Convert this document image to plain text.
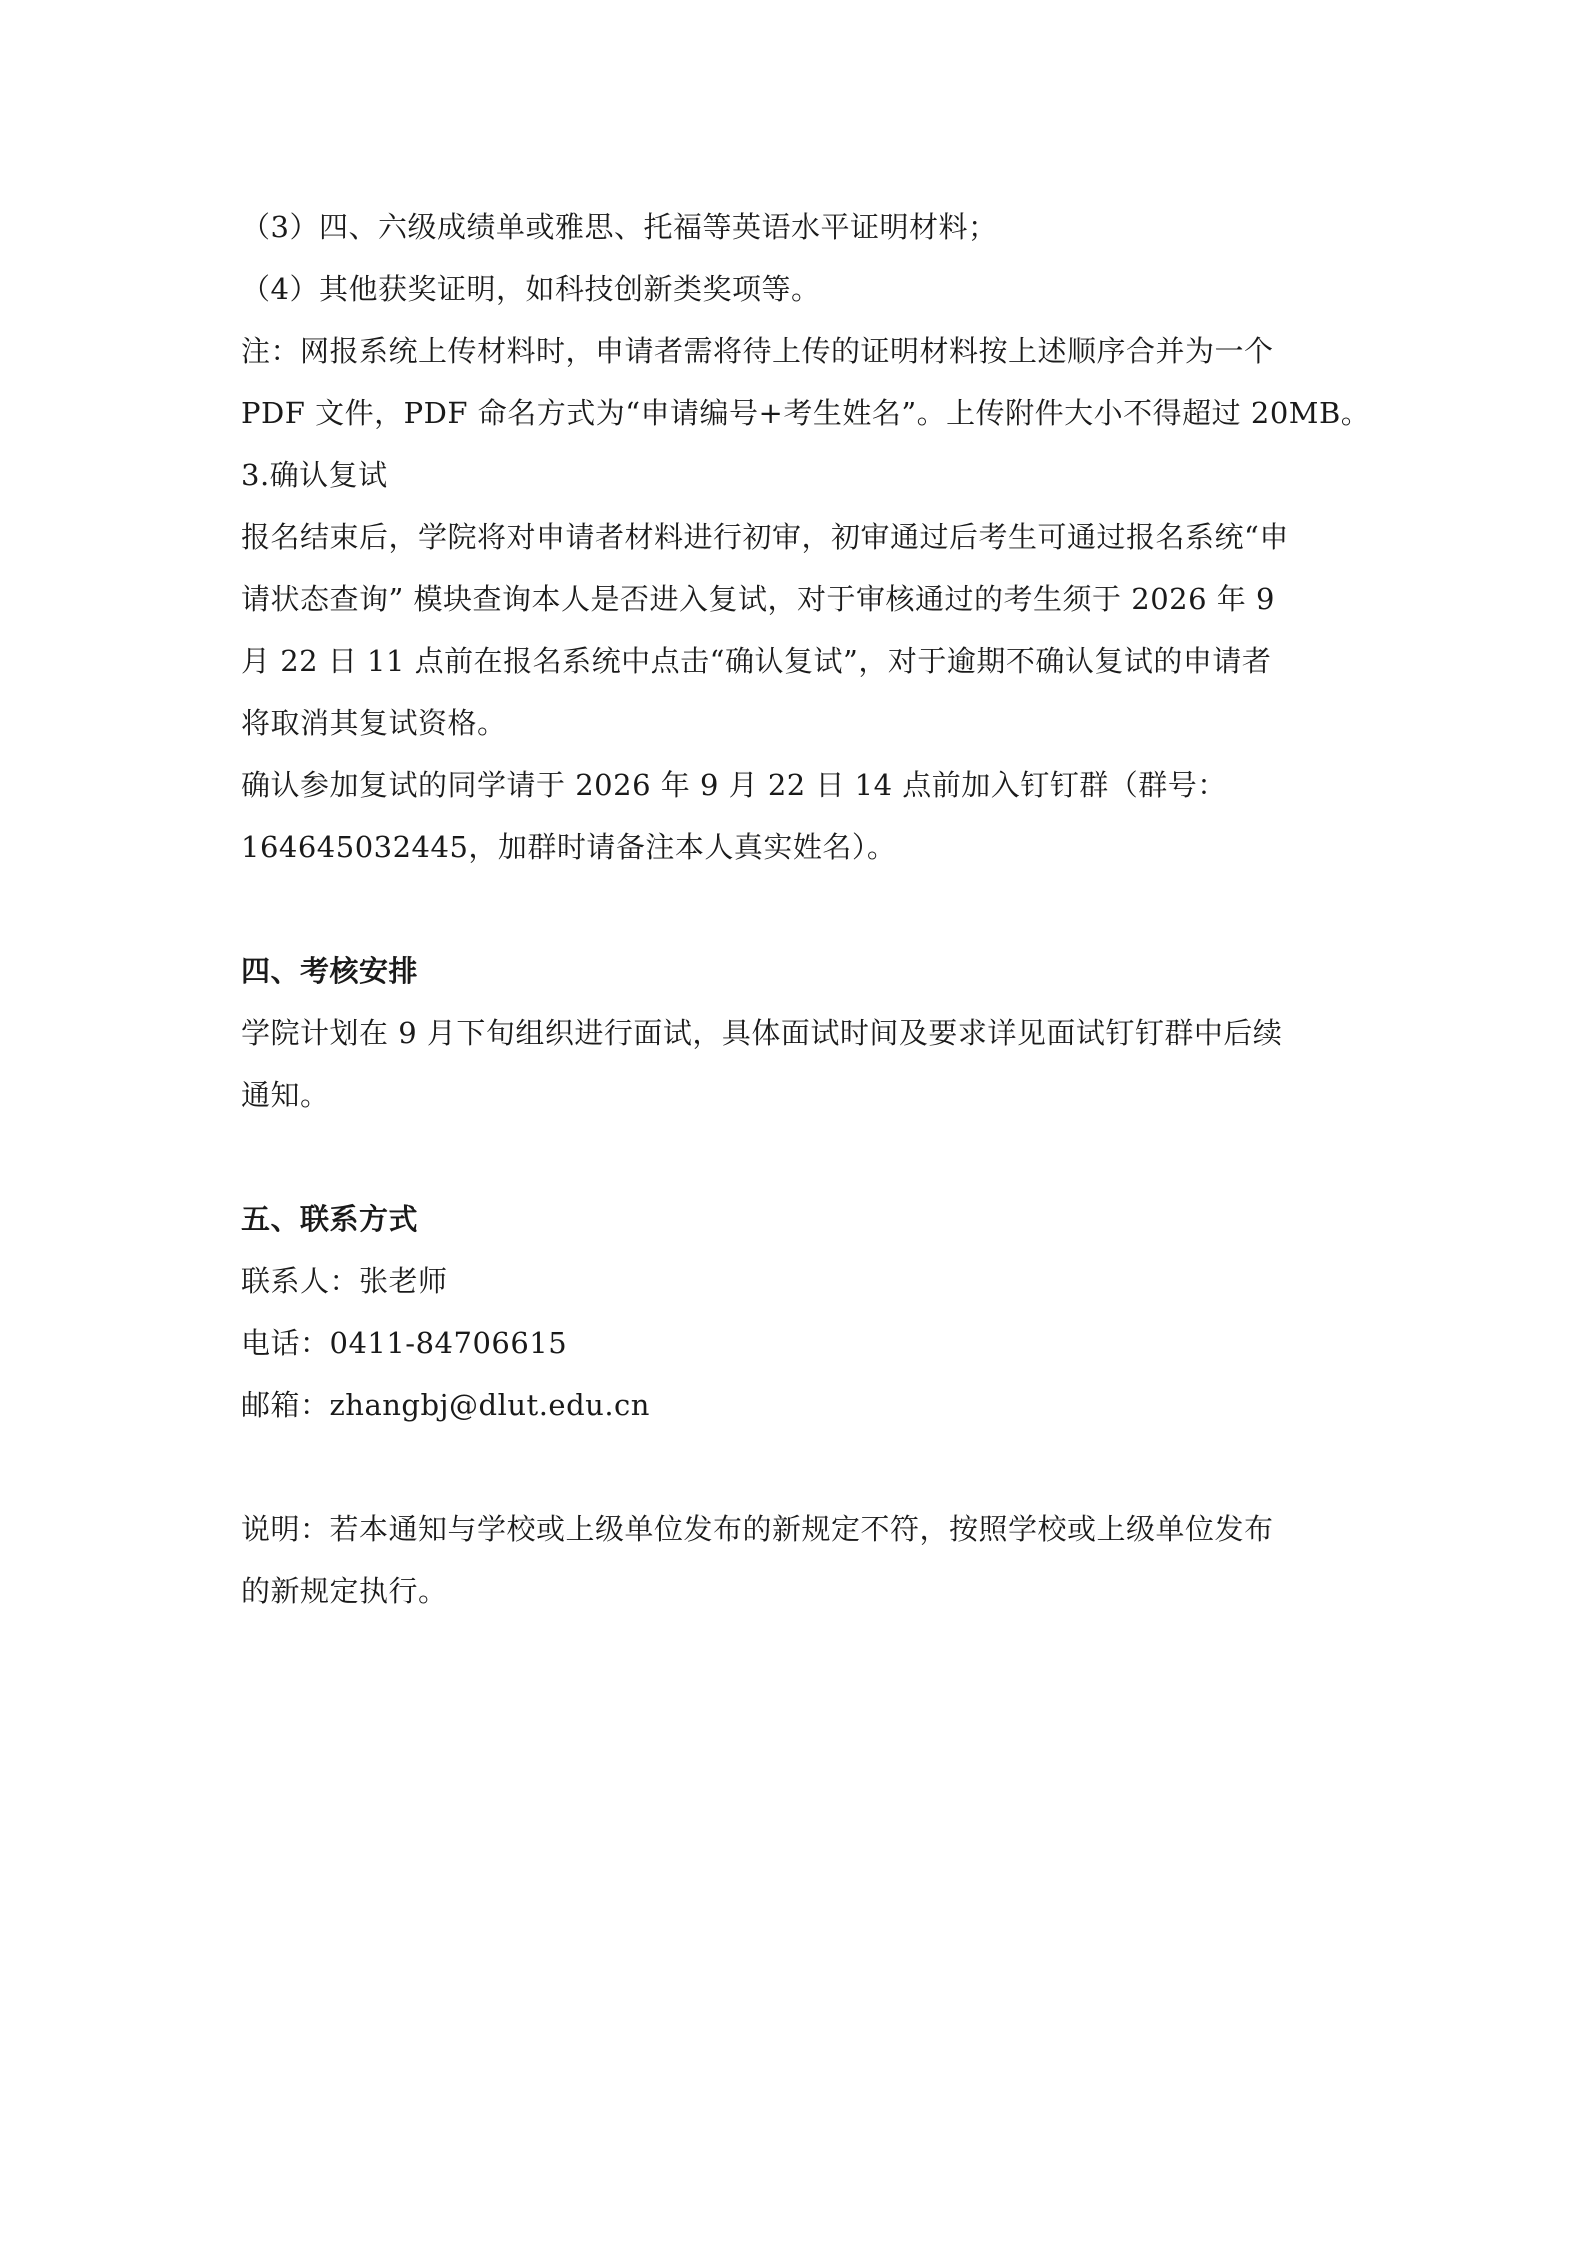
（3）四、六级成绩单或雅思、托福等英语水平证明材料；
（4）其他获奖证明，如科技创新类奖项等。
注：网报系统上传材料时，申请者需将待上传的证明材料按上述顺序合并为一个
PDF 文件，PDF 命名方式为“申请编号+考生姓名”。上传附件大小不得超过 20MB。
3.确认复试
报名结束后，学院将对申请者材料进行初审，初审通过后考生可通过报名系统“申
请状态查询” 模块查询本人是否进入复试，对于审核通过的考生须于 2026 年 9
月 22 日 11 点前在报名系统中点击“确认复试”，对于逾期不确认复试的申请者
将取消其复试资格。
确认参加复试的同学请于 2026 年 9 月 22 日 14 点前加入钉钉群（群号：
164645032445，加群时请备注本人真实姓名）。
四、考核安排
学院计划在 9 月下旬组织进行面试，具体面试时间及要求详见面试钉钉群中后续
通知。
五、联系方式
联系人：张老师
电话：0411-84706615
邮箱：zhangbj@dlut.edu.cn
说明：若本通知与学校或上级单位发布的新规定不符，按照学校或上级单位发布
的新规定执行。
